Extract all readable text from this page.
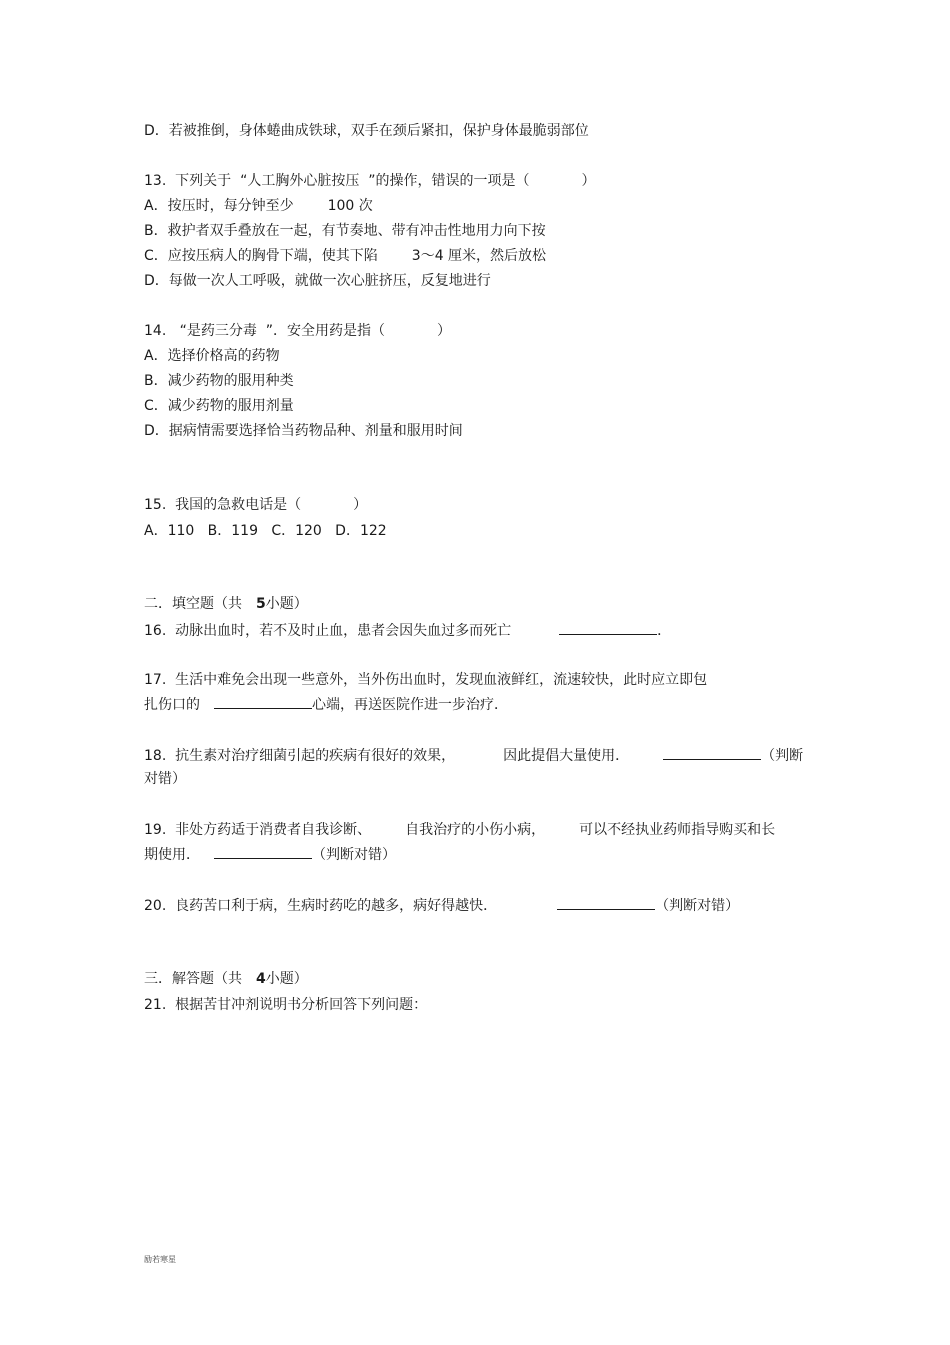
D．若被推倒，身体蜷曲成铁球，双手在颈后紧扣，保护身体最脆弱部位
13.  下列关于  “人工胸外心脏按压  ”的操作，错误的一项是（	）
A．按压时，每分钟至少 100 次
B．救护者双手叠放在一起，有节奏地、带有冲击性地用力向下按
C．应按压病人的胸骨下端，使其下陷 3～4 厘米，然后放松
D．每做一次人工呼吸，就做一次心脏挤压，反复地进行
14.   “是药三分毒  ”．安全用药是指（	）
A．选择价格高的药物
B．减少药物的服用种类
C．减少药物的服用剂量
D．据病情需要选择恰当药物品种、剂量和服用时间
15.  我国的急救电话是（	）
A．110   B．119   C．120   D．122
二．填空题（共 5小题）
16.  动脉出血时，若不及时止血，患者会因失血过多而死亡	．
17.  生活中难免会出现一些意外，当外伤出血时，发现血液鲜红，流速较快，此时应立即包
扎伤口的	心端，再送医院作进一步治疗．
18.  抗生素对治疗细菌引起的疾病有很好的效果，	因此提倡大量使用．	（判断
对错）
19.  非处方药适于消费者自我诊断、 自我治疗的小伤小病， 可以不经执业药师指导购买和长
期使用．	（判断对错）
20.  良药苦口利于病，生病时药吃的越多，病好得越快．	（判断对错）
三．解答题（共 4小题）
21.  根据苦甘冲剂说明书分析回答下列问题：
励若寒星
